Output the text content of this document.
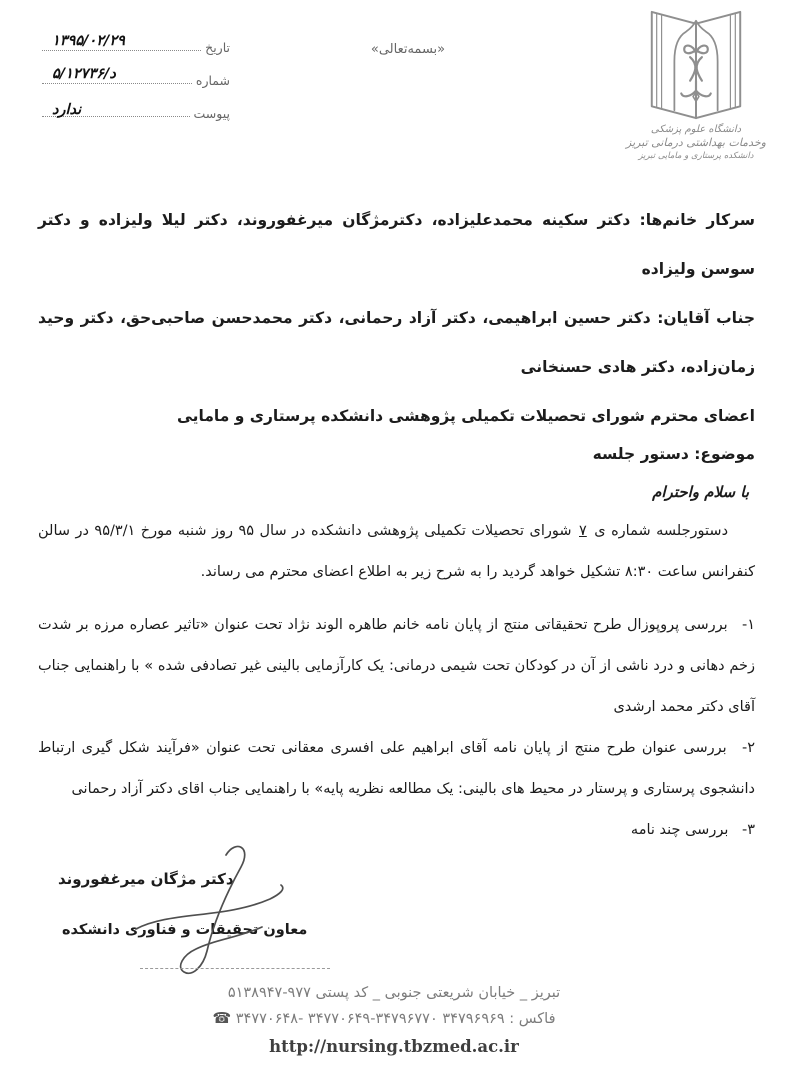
تاریخ
۱۳۹۵/۰۲/۲۹
شماره
۵/د/۱۲۷۳۶
پیوست
ندارد
«بسمه‌تعالی»
دانشگاه علوم پزشکی
وخدمات بهداشتی درمانی تبریز
دانشکده پرستاری و مامایی تبریز

سرکار خانم‌ها: دکتر سکینه محمدعلیزاده، دکترمژگان میرغفوروند، دکتر لیلا ولیزاده و دکتر سوسن ولیزاده

جناب آقایان: دکتر حسین ابراهیمی، دکتر آزاد رحمانی، دکتر محمدحسن صاحبی‌حق، دکتر وحید زمان‌زاده، دکتر هادی حسنخانی

اعضای محترم شورای تحصیلات تکمیلی پژوهشی دانشکده پرستاری و مامایی

موضوع: دستور جلسه

با سلام واحترام

دستورجلسه شماره ی ۷ شورای تحصیلات تکمیلی پژوهشی دانشکده در سال ۹۵ روز شنبه مورخ ۹۵/۳/۱ در سالن کنفرانس ساعت ۸:۳۰ تشکیل خواهد گردید را به شرح زیر به اطلاع اعضای محترم می رساند.

۱- بررسی پروپوزال طرح تحقیقاتی منتج از پایان نامه خانم طاهره الوند نژاد تحت عنوان «تاثیر عصاره مرزه بر شدت زخم دهانی و درد ناشی از آن در کودکان تحت شیمی درمانی: یک کارآزمایی بالینی غیر تصادفی شده » با راهنمایی جناب آقای دکتر محمد ارشدی

۲- بررسی عنوان طرح منتج از پایان نامه آقای ابراهیم علی افسری معقانی تحت عنوان «فرآیند شکل گیری ارتباط دانشجوی پرستاری و پرستار در محیط های بالینی: یک مطالعه نظریه پایه» با راهنمایی جناب اقای دکتر آزاد رحمانی

۳- بررسی چند نامه

دکتر مژگان میرغفوروند
معاون تحقیقات و فناوری دانشکده
تبریز _ خیابان شریعتی جنوبی _ کد پستی ۵۱۳۸۹۴۷-۹۷۷
فاکس : ۳۴۷۹۶۹۶۹ ☎ ۳۴۷۷۰۶۴۸- ۳۴۷۷۰۶۴۹-۳۴۷۹۶۷۷۰
http://nursing.tbzmed.ac.ir
